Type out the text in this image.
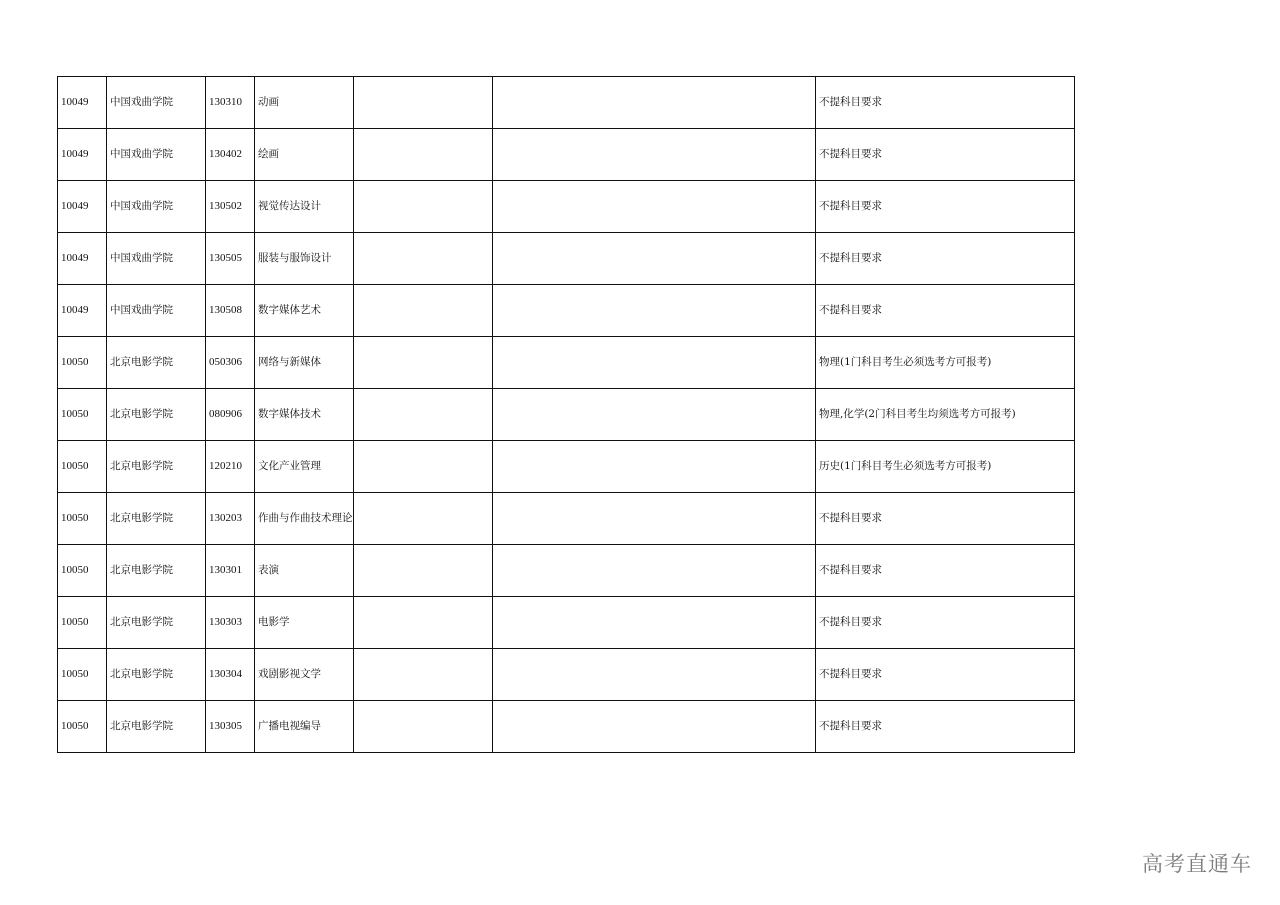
10049	中国戏曲学院	130310	动画			不提科目要求
10049	中国戏曲学院	130402	绘画			不提科目要求
10049	中国戏曲学院	130502	视觉传达设计			不提科目要求
10049	中国戏曲学院	130505	服装与服饰设计			不提科目要求
10049	中国戏曲学院	130508	数字媒体艺术			不提科目要求
10050	北京电影学院	050306	网络与新媒体			物理(1门科目考生必须选考方可报考)
10050	北京电影学院	080906	数字媒体技术			物理,化学(2门科目考生均须选考方可报考)
10050	北京电影学院	120210	文化产业管理			历史(1门科目考生必须选考方可报考)
10050	北京电影学院	130203	作曲与作曲技术理论			不提科目要求
10050	北京电影学院	130301	表演			不提科目要求
10050	北京电影学院	130303	电影学			不提科目要求
10050	北京电影学院	130304	戏剧影视文学			不提科目要求
10050	北京电影学院	130305	广播电视编导			不提科目要求
高考直通车
